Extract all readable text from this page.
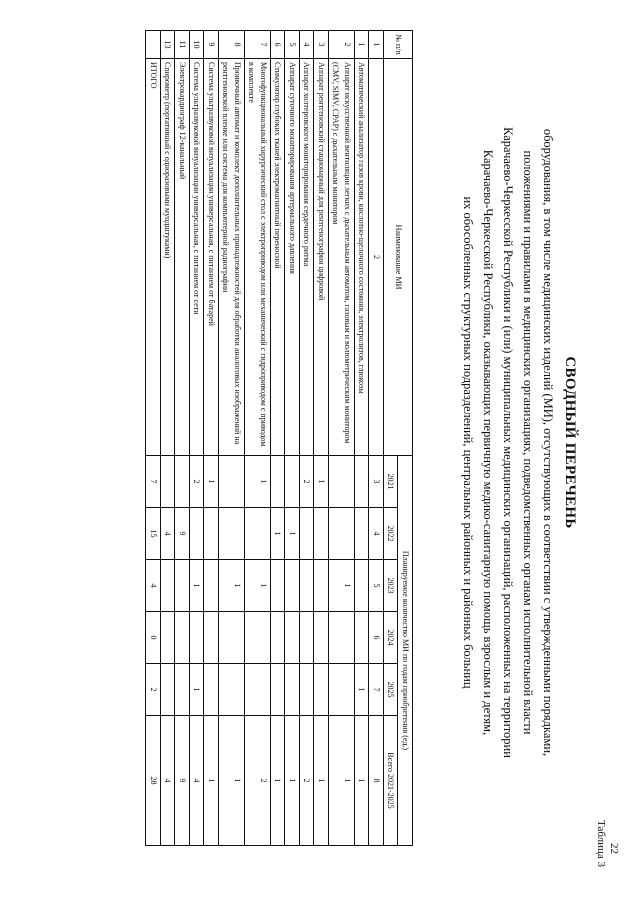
22
Таблица 3
СВОДНЫЙ ПЕРЕЧЕНЬ
оборудования, в том числе медицинских изделий (МИ), отсутствующих в соответствии с утвержденными порядками,
положениями и правилами в медицинских организациях, подведомственных органам исполнительной власти
Карачаево-Черкесской Республики и (или) муниципальных медицинских организаций, расположенных на территории
Карачаево-Черкесской Республики, оказывающих первичную медико-санитарную помощь взрослым и детям,
их обособленных структурных подразделений, центральных районных и районных больниц
№ п/п	Наименование МИ	Планируемое количество МИ по годам приобретения (ед.)					
		2021	2022	2023	2024	2025	Всего 2021-2025
1	2	3	4	5	6	7	8
1	Автоматический анализатор газов крови, кислотно-щелочного состояния, электролитов, глюкозы					1	1
2	Аппарат искусственной вентиляции легких с дыхательным автоматом, газовым и волюметрическим монитором (CMV, SIMV, CPAP) с дыхательным монитором			1			1
3	Аппарат рентгеновский стационарный для рентгенографии цифровой	1					1
4	Аппарат холтеровского мониторирования сердечного ритма	2					2
5	Аппарат суточного мониторирования артериального давления		1				1
6	Стимулятор глубоких тканей электромагнитный переносной		1				1
7	Многофункциональный хирургический стол с электроприводом или механический с гидроприводом с приводом в комплекте	1		1			2
8	Проявочный автомат и комплект дополнительных принадлежностей для обработки аналоговых изображений на рентгеновской пленке или система для компьютерной радиографии			1			1
9	Система ультразвуковой визуализации универсальная, с питанием от батарей	1					1
10	Система ультразвуковой визуализации универсальная, с питанием от сети	2		1		1	4
11	Электрокардиограф 12-канальный		9				9
13	Спирометр (портативный с одноразовыми мундштуками)		4				4
	ИТОГО	7	15	4	0	2	28
